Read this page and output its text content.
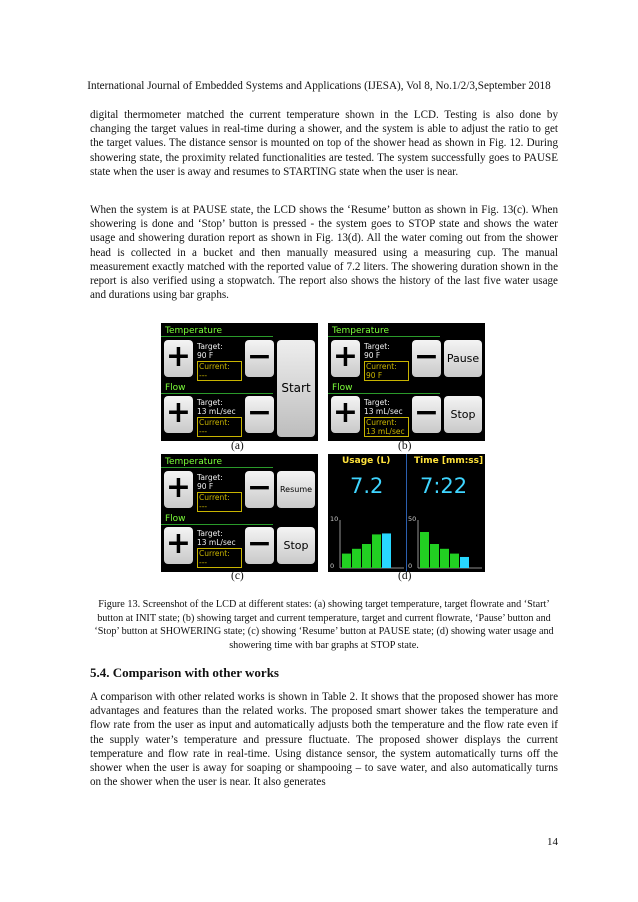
International Journal of Embedded Systems and Applications (IJESA), Vol 8, No.1/2/3,September 2018

digital thermometer matched the current temperature shown in the LCD. Testing is also done by changing the target values in real-time during a shower, and the system is able to adjust the ratio to get the target values. The distance sensor is mounted on top of the shower head as shown in Fig. 12. During showering state, the proximity related functionalities are tested. The system successfully goes to PAUSE state when the user is away and resumes to STARTING state when the user is near.

When the system is at PAUSE state, the LCD shows the ‘Resume’ button as shown in Fig. 13(c). When showering is done and ‘Stop’ button is pressed - the system goes to STOP state and shows the water usage and showering duration report as shown in Fig. 13(d). All the water coming out from the shower head is collected in a bucket and then manually measured using a measuring cup. The manual measurement exactly matched with the reported value of 7.2 liters. The showering duration shown in the report is also verified using a stopwatch. The report also shows the history of the last five water usage and durations using bar graphs.

Temperature
+ Target:
90 F
Current:
---
−
Start
Flow
+ Target:
13 mL/sec
Current:
---
−
(a)
Temperature
+ Target:
90 F
Current:
90 F
− Pause
Flow
+ Target:
13 mL/sec
Current:
13 mL/sec
−	Stop
(b)
Temperature
+ Target:
90 F
Current:
---
− Resume
Flow
+ Target:
13 mL/sec
Current:
---
−	Stop
(c)
Usage (L)	Time [mm:ss]
7.2 7:22
10
0
50
0
(d)

Figure 13. Screenshot of the LCD at different states: (a) showing target temperature, target flowrate and ‘Start’ button at INIT state; (b) showing target and current temperature, target and current flowrate, ‘Pause’ button and ‘Stop’ button at SHOWERING state; (c) showing ‘Resume’ button at PAUSE state; (d) showing water usage and showering time with bar graphs at STOP state.

5.4. Comparison with other works

A comparison with other related works is shown in Table 2. It shows that the proposed shower has more advantages and features than the related works. The proposed smart shower takes the temperature and flow rate from the user as input and automatically adjusts both the temperature and the flow rate even if the supply water’s temperature and pressure fluctuate. The proposed shower displays the current temperature and flow rate in real-time. Using distance sensor, the system automatically turns off the shower when the user is away for soaping or shampooing – to save water, and also automatically turns on the shower when the user is near. It also generates

14
